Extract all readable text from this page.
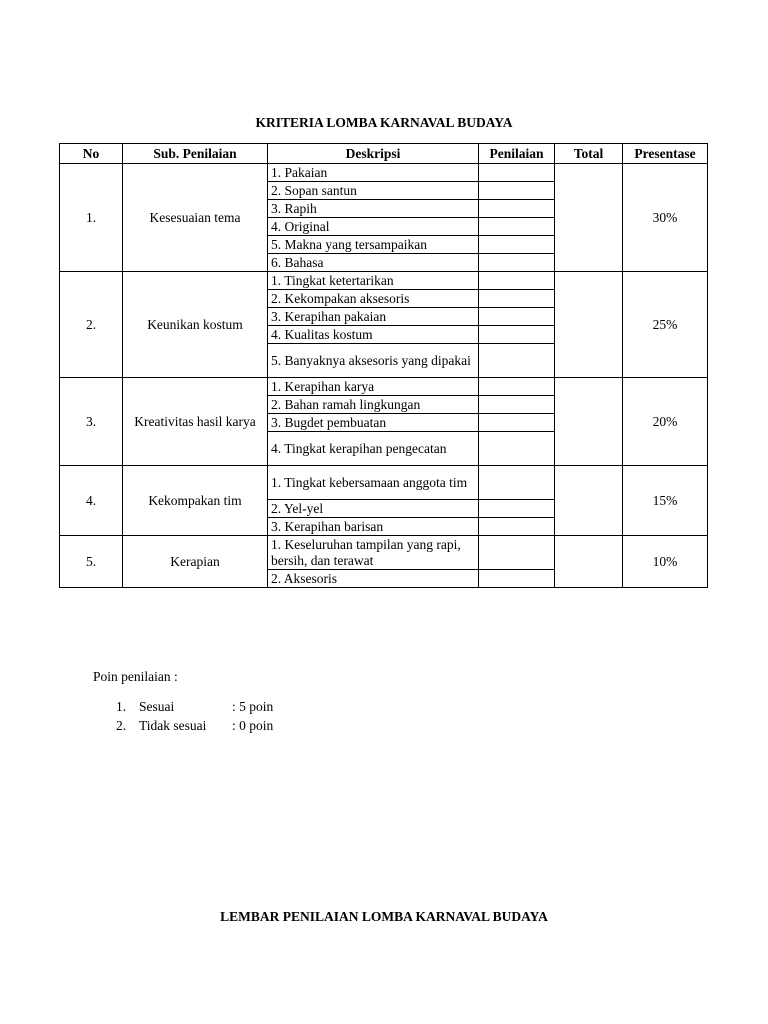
KRITERIA LOMBA KARNAVAL BUDAYA
No	Sub. Penilaian	Deskripsi	Penilaian	Total	Presentase
1.	Kesesuaian tema	1. Pakaian			30%
		2. Sopan santun			
		3. Rapih			
		4. Original			
		5. Makna yang tersampaikan			
		6. Bahasa			
2.	Keunikan kostum	1. Tingkat ketertarikan			25%
		2. Kekompakan aksesoris			
		3. Kerapihan pakaian			
		4. Kualitas kostum			
		5. Banyaknya aksesoris yang dipakai			
3.	Kreativitas hasil karya	1. Kerapihan karya			20%
		2. Bahan ramah lingkungan			
		3. Bugdet pembuatan			
		4. Tingkat kerapihan pengecatan			
4.	Kekompakan tim	1. Tingkat kebersamaan anggota tim			15%
		2. Yel-yel			
		3. Kerapihan barisan			
5.	Kerapian	1. Keseluruhan tampilan yang rapi, bersih, dan terawat			10%
		2. Aksesoris			
Poin penilaian :
1. Sesuai	: 5 poin
2. Tidak sesuai	: 0 poin
LEMBAR PENILAIAN LOMBA KARNAVAL BUDAYA
